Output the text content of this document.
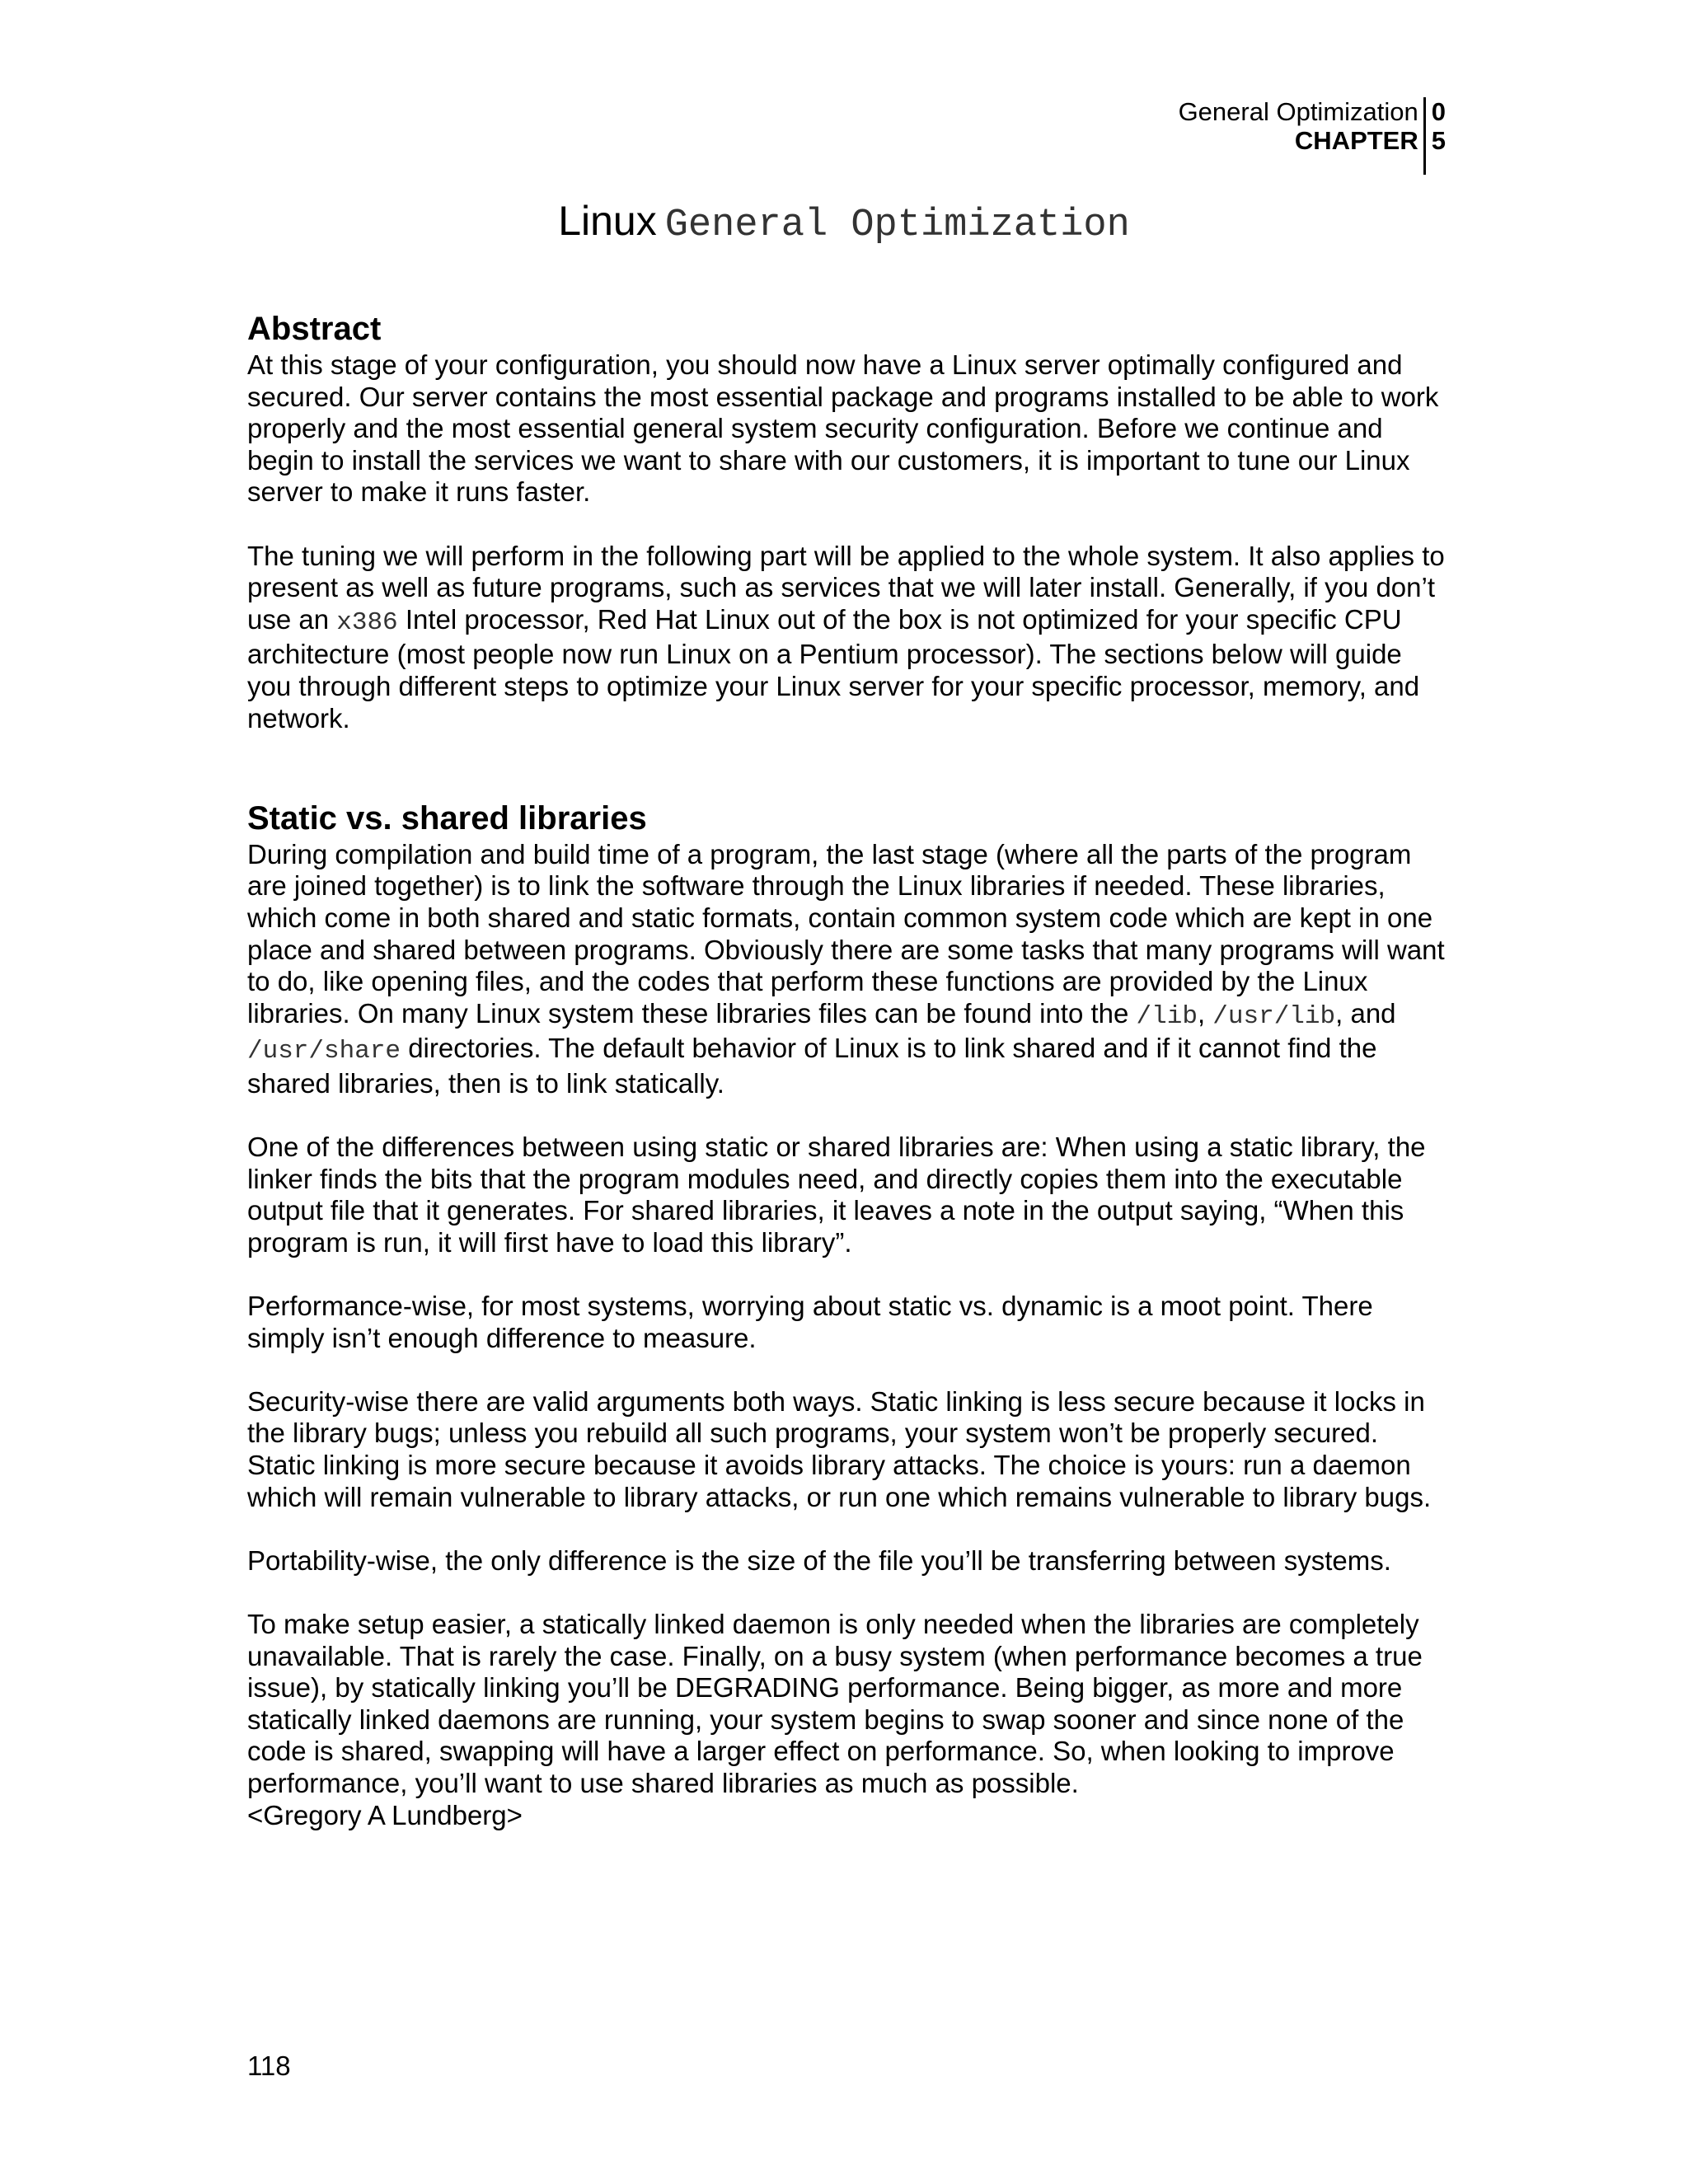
General Optimization
CHAPTER
0
5
Linux General Optimization
Abstract

At this stage of your configuration, you should now have a Linux server optimally configured and secured. Our server contains the most essential package and programs installed to be able to work properly and the most essential general system security configuration. Before we continue and begin to install the services we want to share with our customers, it is important to tune our Linux server to make it runs faster.

The tuning we will perform in the following part will be applied to the whole system. It also applies to present as well as future programs, such as services that we will later install. Generally, if you don’t use an x386 Intel processor, Red Hat Linux out of the box is not optimized for your specific CPU architecture (most people now run Linux on a Pentium processor). The sections below will guide you through different steps to optimize your Linux server for your specific processor, memory, and network.

Static vs. shared libraries

During compilation and build time of a program, the last stage (where all the parts of the program are joined together) is to link the software through the Linux libraries if needed. These libraries, which come in both shared and static formats, contain common system code which are kept in one place and shared between programs. Obviously there are some tasks that many programs will want to do, like opening files, and the codes that perform these functions are provided by the Linux libraries. On many Linux system these libraries files can be found into the /lib, /usr/lib, and /usr/share directories. The default behavior of Linux is to link shared and if it cannot find the shared libraries, then is to link statically.

One of the differences between using static or shared libraries are: When using a static library, the linker finds the bits that the program modules need, and directly copies them into the executable output file that it generates. For shared libraries, it leaves a note in the output saying, “When this program is run, it will first have to load this library”.

Performance-wise, for most systems, worrying about static vs. dynamic is a moot point. There simply isn’t enough difference to measure.

Security-wise there are valid arguments both ways. Static linking is less secure because it locks in the library bugs; unless you rebuild all such programs, your system won’t be properly secured. Static linking is more secure because it avoids library attacks. The choice is yours: run a daemon which will remain vulnerable to library attacks, or run one which remains vulnerable to library bugs.

Portability-wise, the only difference is the size of the file you’ll be transferring between systems.

To make setup easier, a statically linked daemon is only needed when the libraries are completely unavailable. That is rarely the case. Finally, on a busy system (when performance becomes a true issue), by statically linking you’ll be DEGRADING performance. Being bigger, as more and more statically linked daemons are running, your system begins to swap sooner and since none of the code is shared, swapping will have a larger effect on performance. So, when looking to improve performance, you’ll want to use shared libraries as much as possible.

<Gregory A Lundberg>

118
